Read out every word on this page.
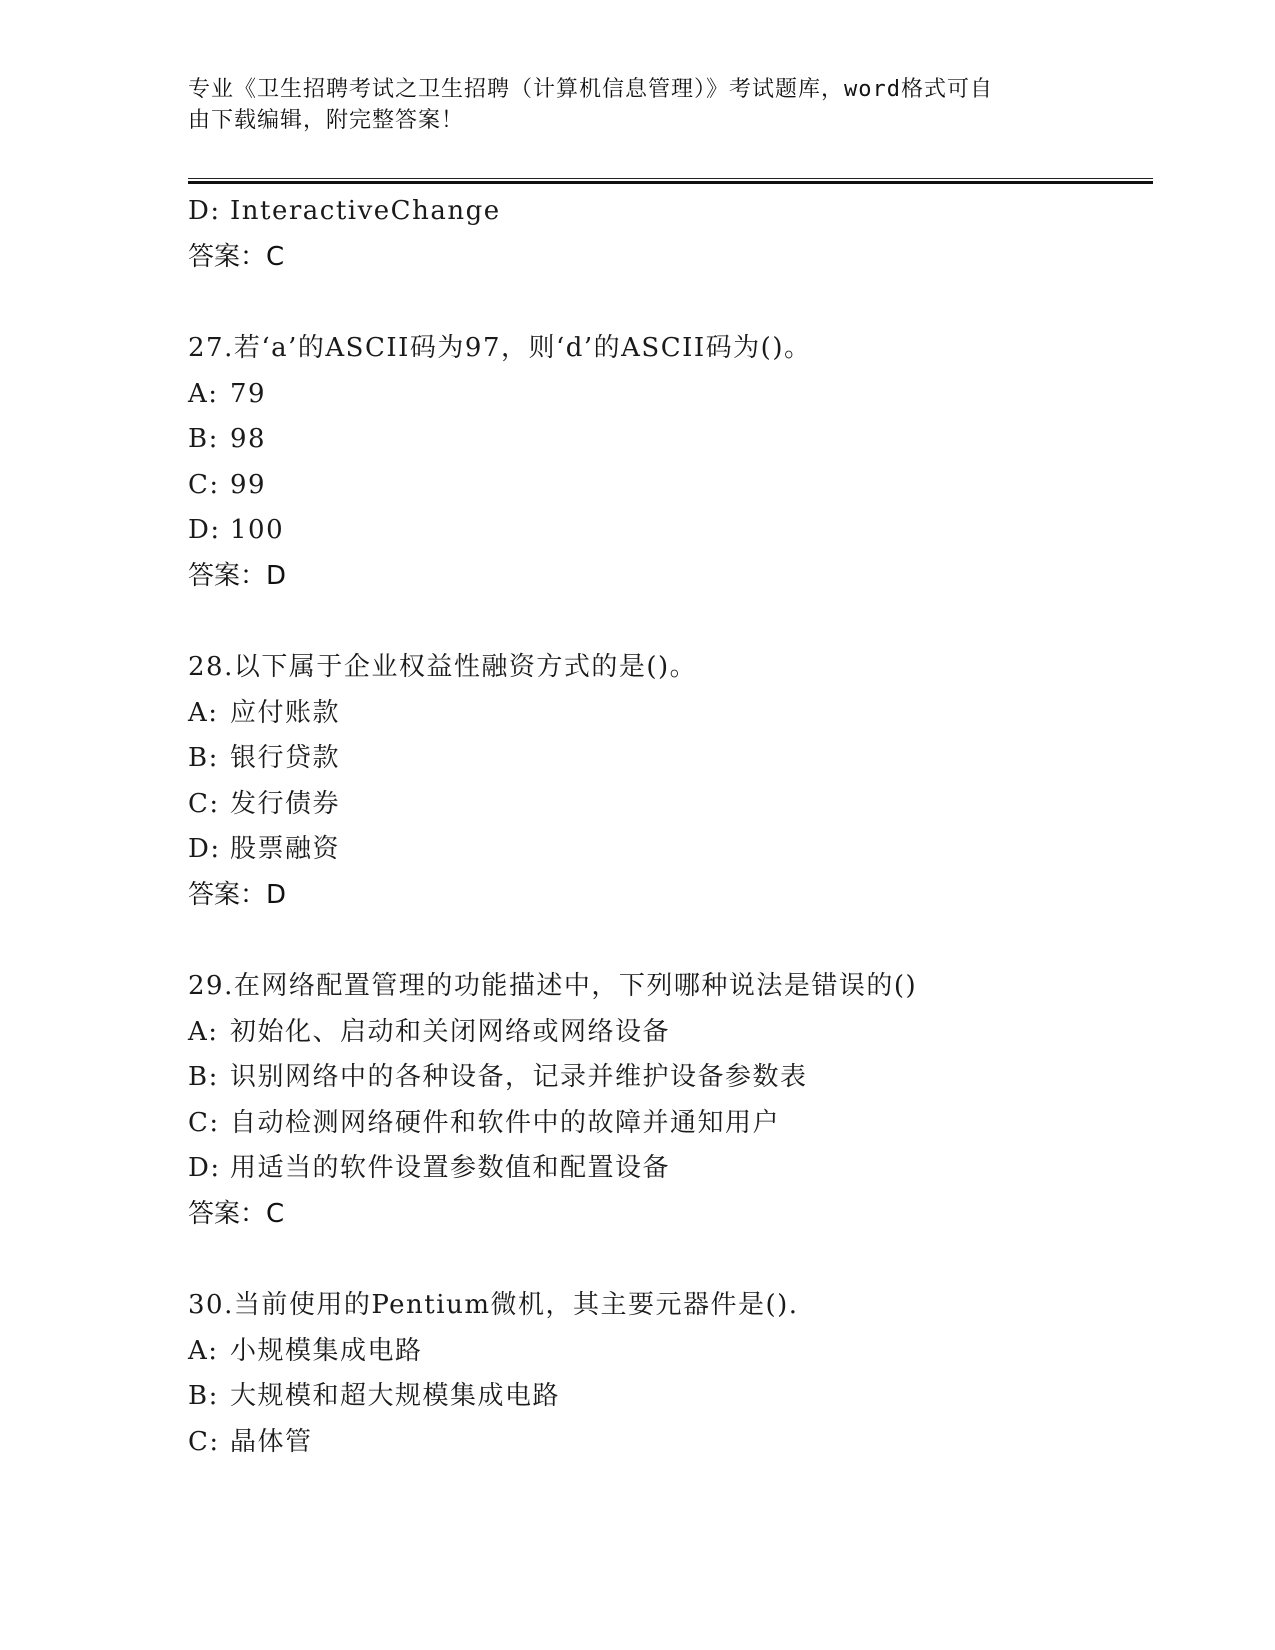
专业《卫生招聘考试之卫生招聘（计算机信息管理）》考试题库，word格式可自
由下载编辑，附完整答案！
D: InteractiveChange
答案：C
27.若‘a’的ASCII码为97，则‘d’的ASCII码为()。
A: 79
B: 98
C: 99
D: 100
答案：D
28.以下属于企业权益性融资方式的是()。
A: 应付账款
B: 银行贷款
C: 发行债券
D: 股票融资
答案：D
29.在网络配置管理的功能描述中，下列哪种说法是错误的()
A: 初始化、启动和关闭网络或网络设备
B: 识别网络中的各种设备，记录并维护设备参数表
C: 自动检测网络硬件和软件中的故障并通知用户
D: 用适当的软件设置参数值和配置设备
答案：C
30.当前使用的Pentium微机，其主要元器件是().
A: 小规模集成电路
B: 大规模和超大规模集成电路
C: 晶体管
